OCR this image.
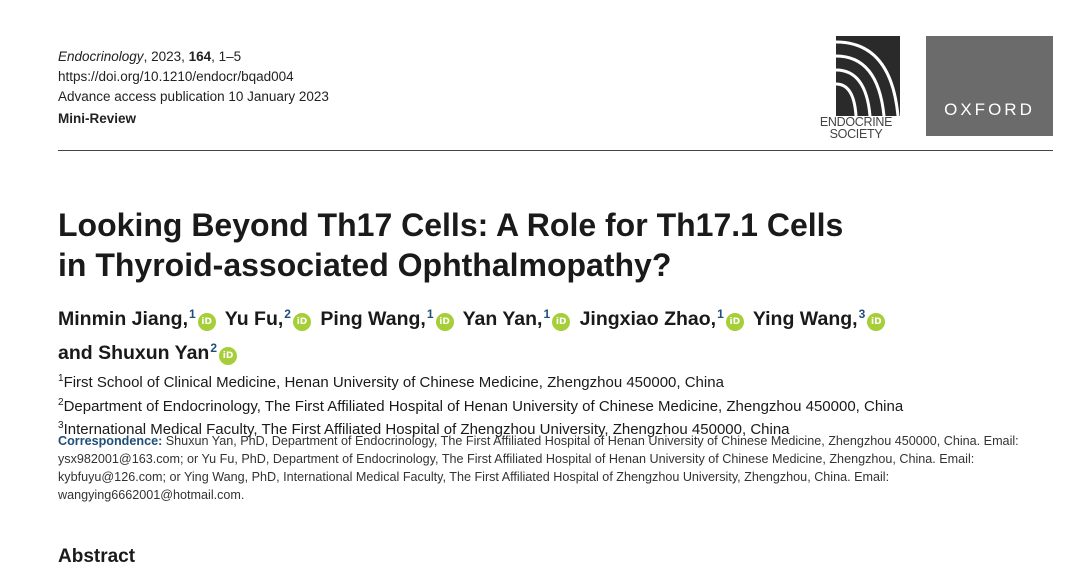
Endocrinology, 2023, 164, 1–5
https://doi.org/10.1210/endocr/bqad004
Advance access publication 10 January 2023
Mini-Review	ENDOCRINE
SOCIETY
OXFORD
Looking Beyond Th17 Cells: A Role for Th17.1 Cells
in Thyroid-associated Ophthalmopathy?
Minmin Jiang,$^1$iD Yu Fu,$^2$iD Ping Wang,$^1$iD Yan Yan,$^1$iD Jingxiao Zhao,$^1$iD Ying Wang,$^3$iD
and Shuxun Yan$^2$iD
$^1$First School of Clinical Medicine, Henan University of Chinese Medicine, Zhengzhou 450000, China
$^2$Department of Endocrinology, The First Affiliated Hospital of Henan University of Chinese Medicine, Zhengzhou 450000, China
$^3$International Medical Faculty, The First Affiliated Hospital of Zhengzhou University, Zhengzhou 450000, China
Correspondence: Shuxun Yan, PhD, Department of Endocrinology, The First Affiliated Hospital of Henan University of Chinese Medicine, Zhengzhou 450000, China. Email: ysx982001@163.com; or Yu Fu, PhD, Department of Endocrinology, The First Affiliated Hospital of Henan University of Chinese Medicine, Zhengzhou, China. Email: kybfuyu@126.com; or Ying Wang, PhD, International Medical Faculty, The First Affiliated Hospital of Zhengzhou University, Zhengzhou, China. Email: wangying6662001@hotmail.com.
Abstract
